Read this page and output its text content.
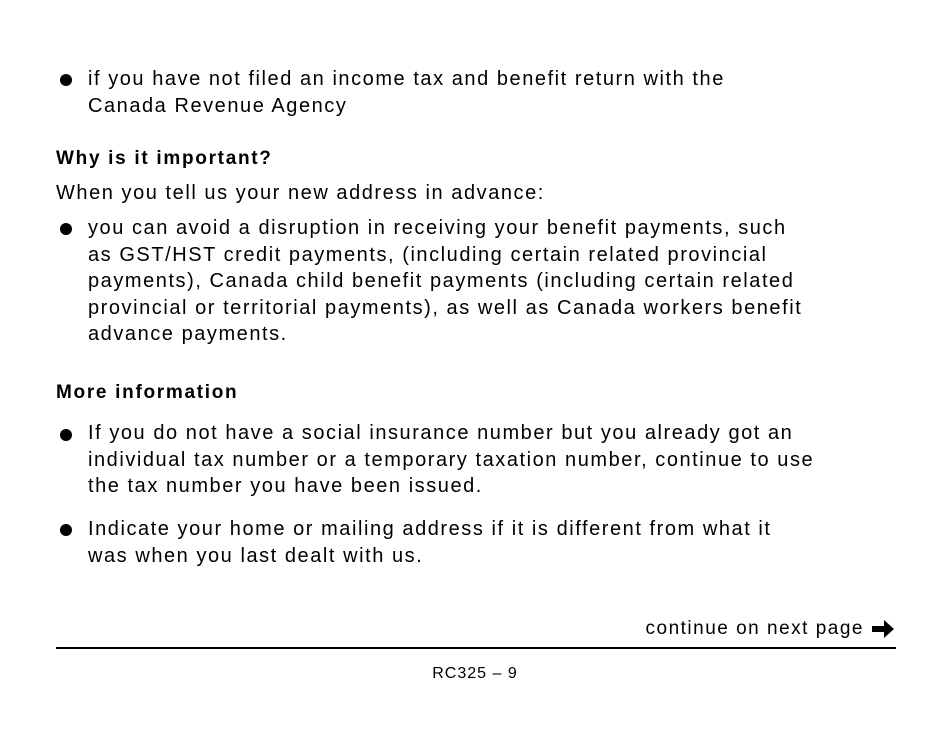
if you have not filed an income tax and benefit return with the
Canada Revenue Agency
Why is it important?
When you tell us your new address in advance:
you can avoid a disruption in receiving your benefit payments, such
as GST/HST credit payments, (including certain related provincial
payments), Canada child benefit payments (including certain related
provincial or territorial payments), as well as Canada workers benefit
advance payments.
More information
If you do not have a social insurance number but you already got an
individual tax number or a temporary taxation number, continue to use
the tax number you have been issued.
Indicate your home or mailing address if it is different from what it
was when you last dealt with us.
continue on next page
RC325 – 9
